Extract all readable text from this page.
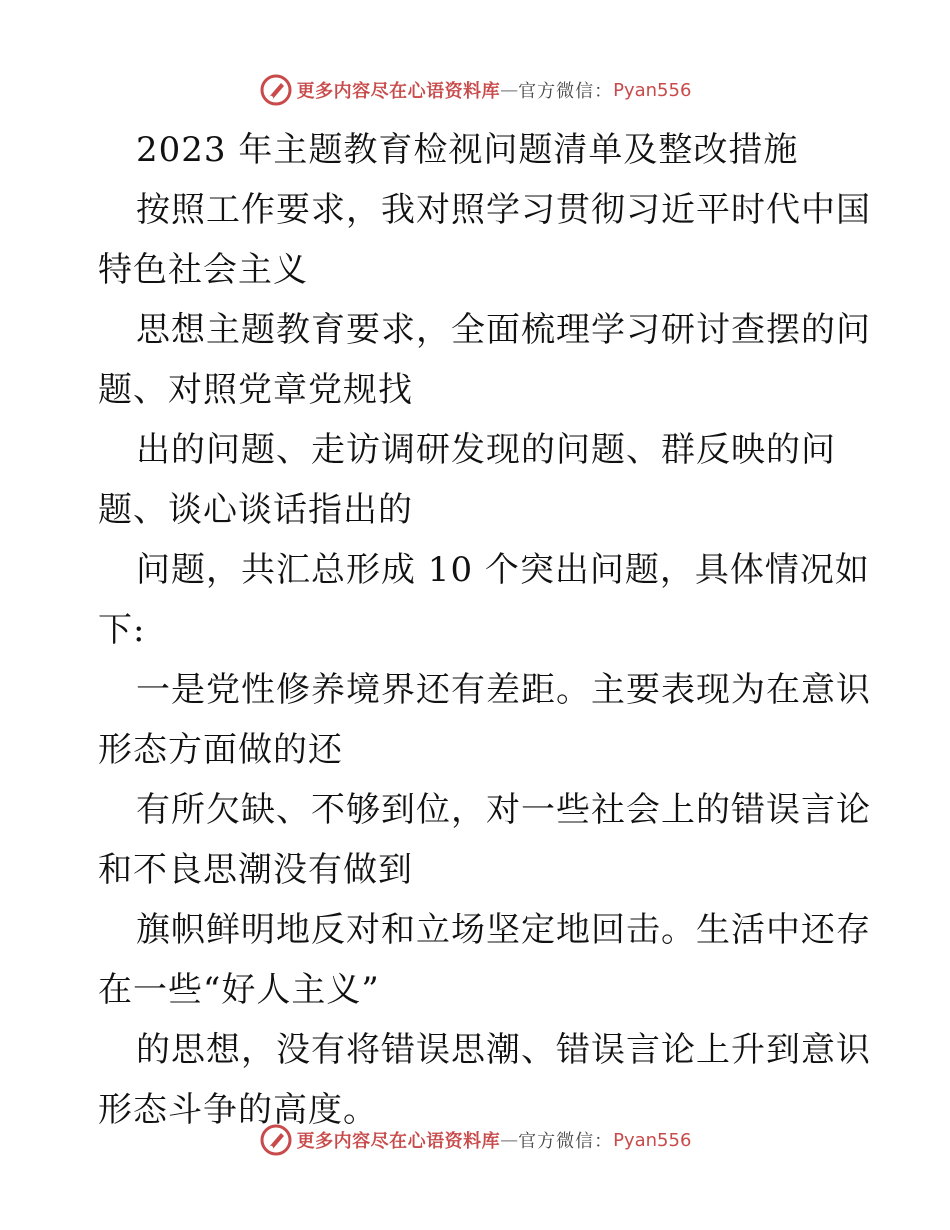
更多内容尽在心语资料库 — 官方微信： Pyan556
2023 年主题教育检视问题清单及整改措施
按照工作要求，我对照学习贯彻习近平时代中国
特色社会主义
思想主题教育要求，全面梳理学习研讨查摆的问
题、对照党章党规找
出的问题、走访调研发现的问题、群反映的问
题、谈心谈话指出的
问题，共汇总形成 10 个突出问题，具体情况如
下:
一是党性修养境界还有差距。主要表现为在意识
形态方面做的还
有所欠缺、不够到位，对一些社会上的错误言论
和不良思潮没有做到
旗帜鲜明地反对和立场坚定地回击。生活中还存
在一些“好人主义”
的思想，没有将错误思潮、错误言论上升到意识
形态斗争的高度。
更多内容尽在心语资料库 — 官方微信： Pyan556
